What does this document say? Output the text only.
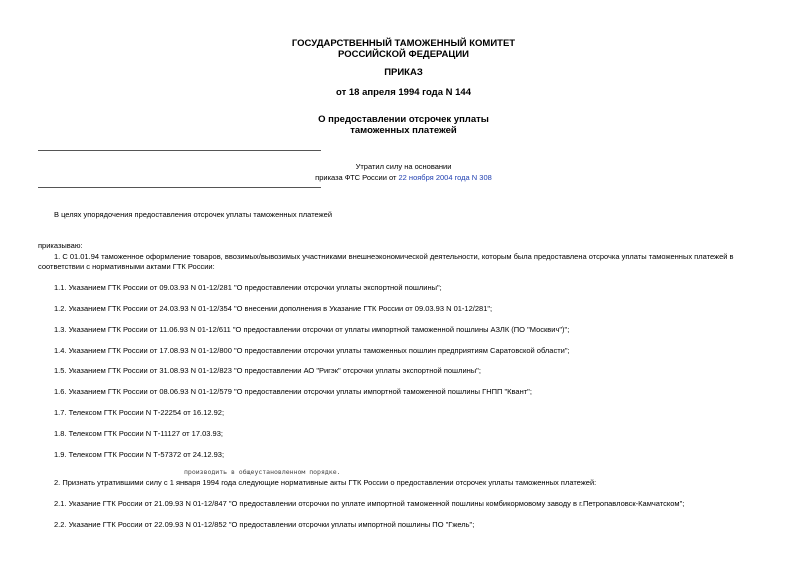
ГОСУДАРСТВЕННЫЙ ТАМОЖЕННЫЙ КОМИТЕТ
РОССИЙСКОЙ ФЕДЕРАЦИИ
ПРИКАЗ
от 18 апреля 1994 года N 144
О предоставлении отсрочек уплаты
таможенных платежей
Утратил силу на основании
приказа ФТС России от 22 ноября 2004 года N 308
В целях упорядочения предоставления отсрочек уплаты таможенных платежей
приказываю:
1. С 01.01.94 таможенное оформление товаров, ввозимых/вывозимых участниками внешнеэкономической деятельности, которым была предоставлена отсрочка уплаты таможенных платежей в соответствии с нормативными актами ГТК России:
1.1. Указанием ГТК России от 09.03.93 N 01-12/281 "О предоставлении отсрочки уплаты экспортной пошлины";
1.2. Указанием ГТК России от 24.03.93 N 01-12/354 "О внесении дополнения в Указание ГТК России от 09.03.93 N 01-12/281";
1.3. Указанием ГТК России от 11.06.93 N 01-12/611 "О предоставлении отсрочки от уплаты импортной таможенной пошлины АЗЛК (ПО "Москвич")";
1.4. Указанием ГТК России от 17.08.93 N 01-12/800 "О предоставлении отсрочки уплаты таможенных пошлин предприятиям Саратовской области";
1.5. Указанием ГТК России от 31.08.93 N 01-12/823 "О предоставлении АО "Ригэк" отсрочки уплаты экспортной пошлины";
1.6. Указанием ГТК России от 08.06.93 N 01-12/579 "О предоставлении отсрочки уплаты импортной таможенной пошлины ГНПП "Квант";
1.7. Телексом ГТК России N Т-22254 от 16.12.92;
1.8. Телексом ГТК России N Т-11127 от 17.03.93;
1.9. Телексом ГТК России N Т-57372 от 24.12.93;
производить в общеустановленном порядке.
2. Признать утратившими силу с 1 января 1994 года следующие нормативные акты ГТК России о предоставлении отсрочек уплаты таможенных платежей:
2.1. Указание ГТК России от 21.09.93 N 01-12/847 "О предоставлении отсрочки по уплате импортной таможенной пошлины комбикормовому заводу в г.Петропавловск-Камчатском";
2.2. Указание ГТК России от 22.09.93 N 01-12/852 "О предоставлении отсрочки уплаты импортной пошлины ПО "Гжель";
